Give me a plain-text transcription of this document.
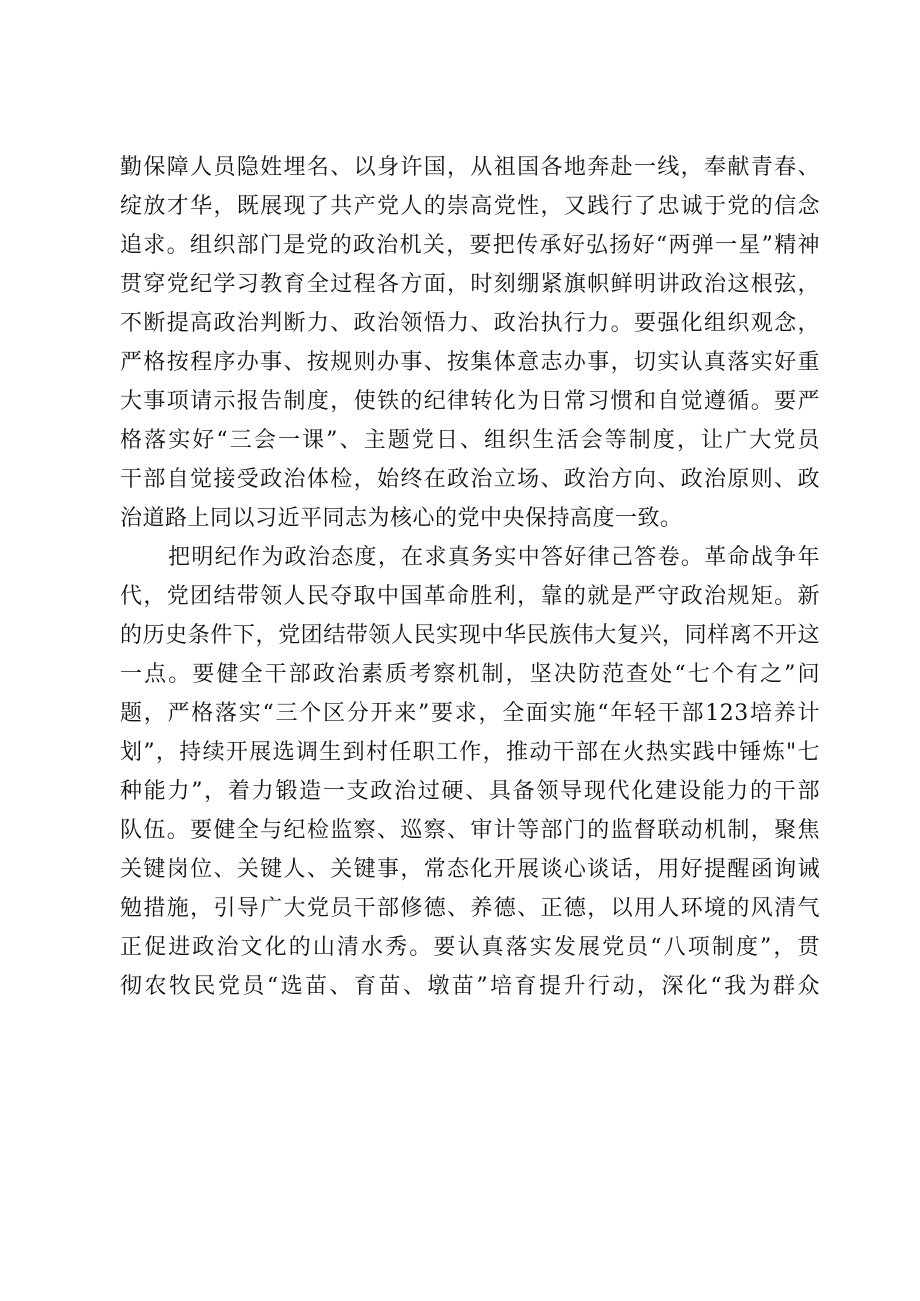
勤保障人员隐姓埋名、以身许国，从祖国各地奔赴一线，奉献青春、
绽放才华，既展现了共产党人的崇高党性，又践行了忠诚于党的信念
追求。组织部门是党的政治机关，要把传承好弘扬好“两弹一星”精神
贯穿党纪学习教育全过程各方面，时刻绷紧旗帜鲜明讲政治这根弦，
不断提高政治判断力、政治领悟力、政治执行力。要强化组织观念，
严格按程序办事、按规则办事、按集体意志办事，切实认真落实好重
大事项请示报告制度，使铁的纪律转化为日常习惯和自觉遵循。要严
格落实好“三会一课”、主题党日、组织生活会等制度，让广大党员
干部自觉接受政治体检，始终在政治立场、政治方向、政治原则、政
治道路上同以习近平同志为核心的党中央保持高度一致。
把明纪作为政治态度，在求真务实中答好律己答卷。革命战争年
代，党团结带领人民夺取中国革命胜利，靠的就是严守政治规矩。新
的历史条件下，党团结带领人民实现中华民族伟大复兴，同样离不开这
一点。要健全干部政治素质考察机制，坚决防范查处“七个有之”问
题，严格落实“三个区分开来”要求，全面实施“年轻干部123培养计
划”，持续开展选调生到村任职工作，推动干部在火热实践中锤炼"七
种能力”，着力锻造一支政治过硬、具备领导现代化建设能力的干部
队伍。要健全与纪检监察、巡察、审计等部门的监督联动机制，聚焦
关键岗位、关键人、关键事，常态化开展谈心谈话，用好提醒函询诫
勉措施，引导广大党员干部修德、养德、正德，以用人环境的风清气
正促进政治文化的山清水秀。要认真落实发展党员“八项制度”，贯
彻农牧民党员“选苗、育苗、墩苗”培育提升行动，深化“我为群众
